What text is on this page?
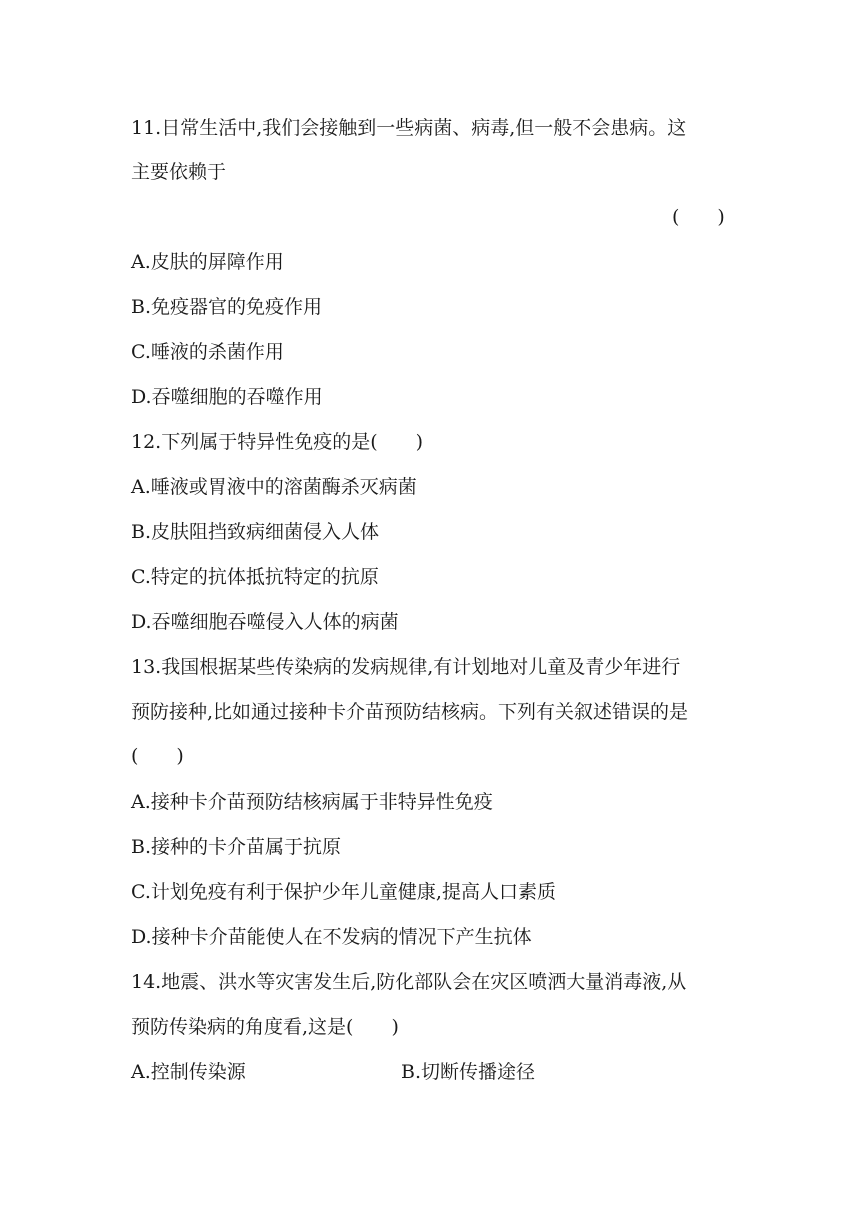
11.日常生活中,我们会接触到一些病菌、病毒,但一般不会患病。这
主要依赖于
(　　)
A.皮肤的屏障作用
B.免疫器官的免疫作用
C.唾液的杀菌作用
D.吞噬细胞的吞噬作用
12.下列属于特异性免疫的是(　　)
A.唾液或胃液中的溶菌酶杀灭病菌
B.皮肤阻挡致病细菌侵入人体
C.特定的抗体抵抗特定的抗原
D.吞噬细胞吞噬侵入人体的病菌
13.我国根据某些传染病的发病规律,有计划地对儿童及青少年进行
预防接种,比如通过接种卡介苗预防结核病。下列有关叙述错误的是
(　　)
A.接种卡介苗预防结核病属于非特异性免疫
B.接种的卡介苗属于抗原
C.计划免疫有利于保护少年儿童健康,提高人口素质
D.接种卡介苗能使人在不发病的情况下产生抗体
14.地震、洪水等灾害发生后,防化部队会在灾区喷洒大量消毒液,从
预防传染病的角度看,这是(　　)
A.控制传染源	B.切断传播途径
